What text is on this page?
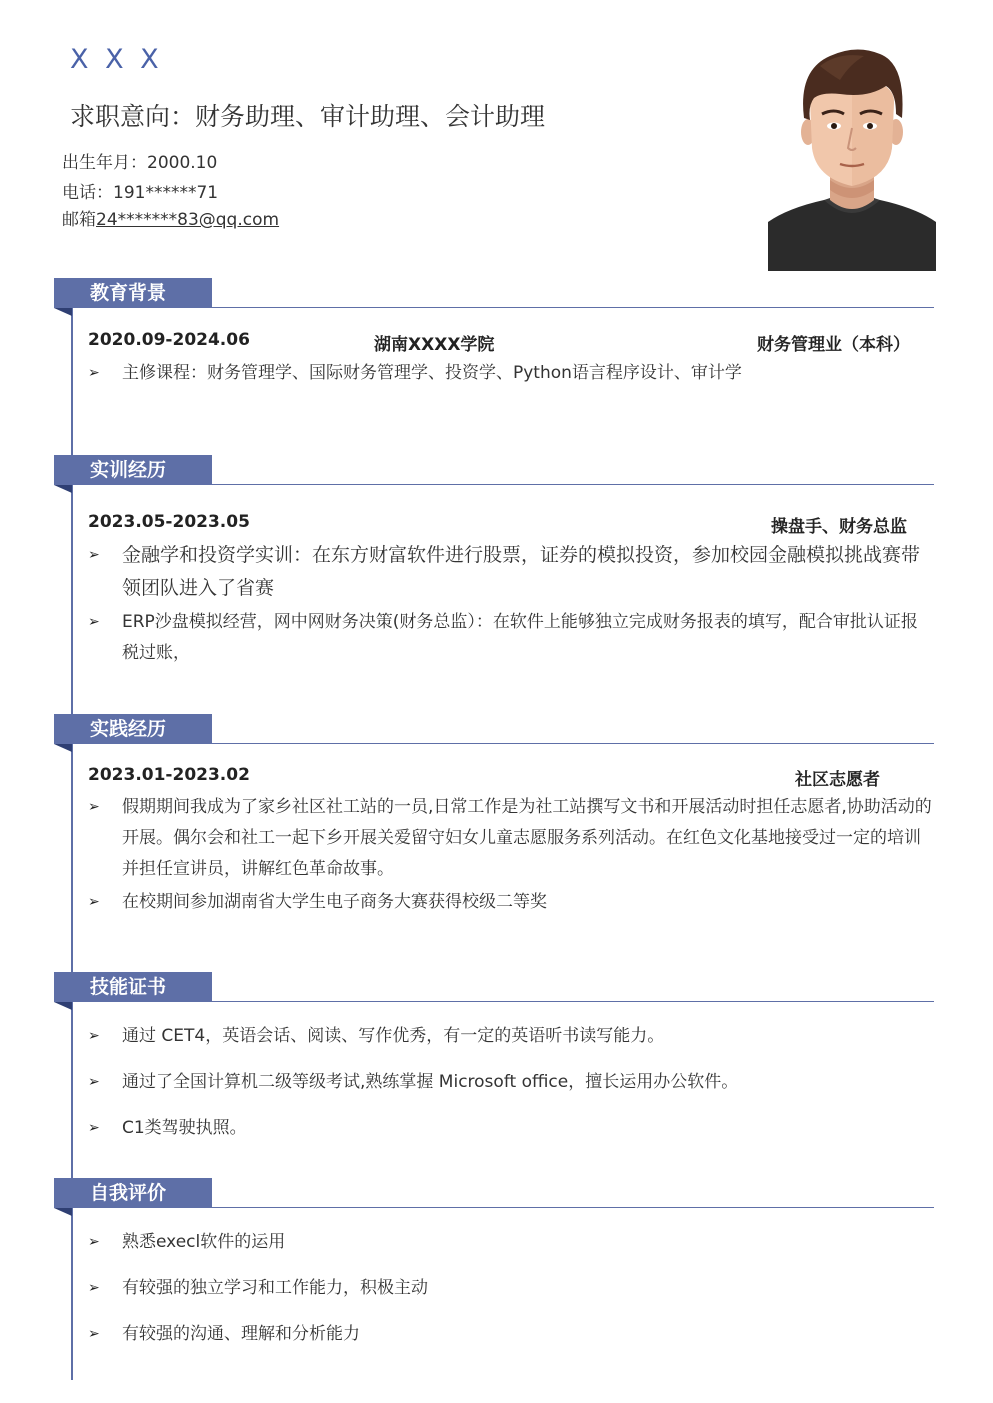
X X X
求职意向：财务助理、审计助理、会计助理
出生年月：2000.10
电话：191******71
邮箱24*******83@qq.com
教育背景
2020.09-2024.06	湖南XXXX学院	财务管理业（本科）
➢ 主修课程：财务管理学、国际财务管理学、投资学、Python语言程序设计、审计学
实训经历
2023.05-2023.05	操盘手、财务总监
➢ 金融学和投资学实训：在东方财富软件进行股票，证券的模拟投资，参加校园金融模拟挑战赛带领团队进入了省赛
➢ ERP沙盘模拟经营，网中网财务决策(财务总监）：在软件上能够独立完成财务报表的填写，配合审批认证报税过账，
实践经历
2023.01-2023.02	社区志愿者
➢ 假期期间我成为了家乡社区社工站的一员,日常工作是为社工站撰写文书和开展活动时担任志愿者,协助活动的开展。偶尔会和社工一起下乡开展关爱留守妇女儿童志愿服务系列活动。在红色文化基地接受过一定的培训并担任宣讲员，讲解红色革命故事。
➢ 在校期间参加湖南省大学生电子商务大赛获得校级二等奖
技能证书
➢ 通过 CET4，英语会话、阅读、写作优秀，有一定的英语听书读写能力。
➢ 通过了全国计算机二级等级考试,熟练掌握 Microsoft office，擅长运用办公软件。
➢ C1类驾驶执照。
自我评价
➢ 熟悉execl软件的运用
➢ 有较强的独立学习和工作能力，积极主动
➢ 有较强的沟通、理解和分析能力
